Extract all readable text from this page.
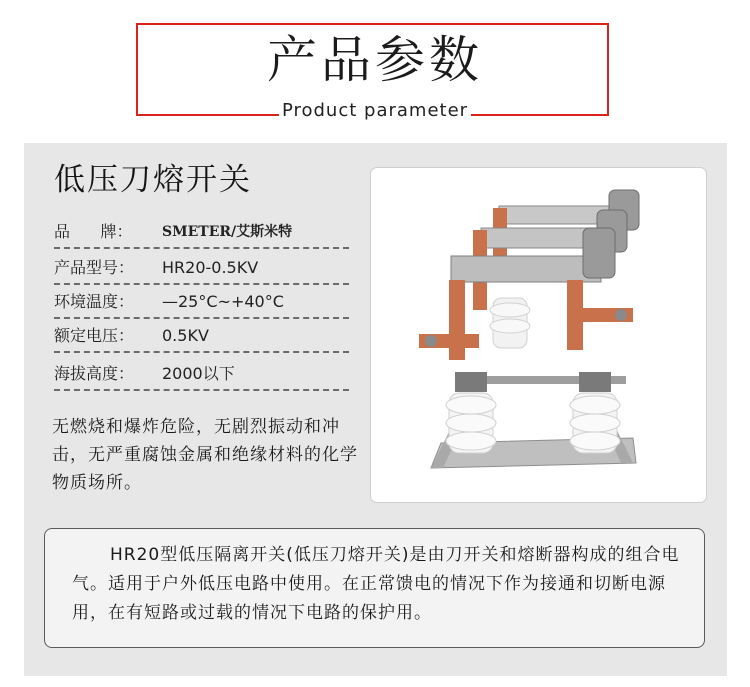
产品参数
Product parameter
低压刀熔开关
品      牌： SMETER/艾斯米特
产品型号： HR20-0.5KV
环境温度： —25°C~+40°C
额定电压： 0.5KV
海拔高度： 2000以下
无燃烧和爆炸危险，无剧烈振动和冲击，无严重腐蚀金属和绝缘材料的化学物质场所。
HR20型低压隔离开关(低压刀熔开关)是由刀开关和熔断器构成的组合电气。适用于户外低压电路中使用。在正常馈电的情况下作为接通和切断电源用，在有短路或过载的情况下电路的保护用。
